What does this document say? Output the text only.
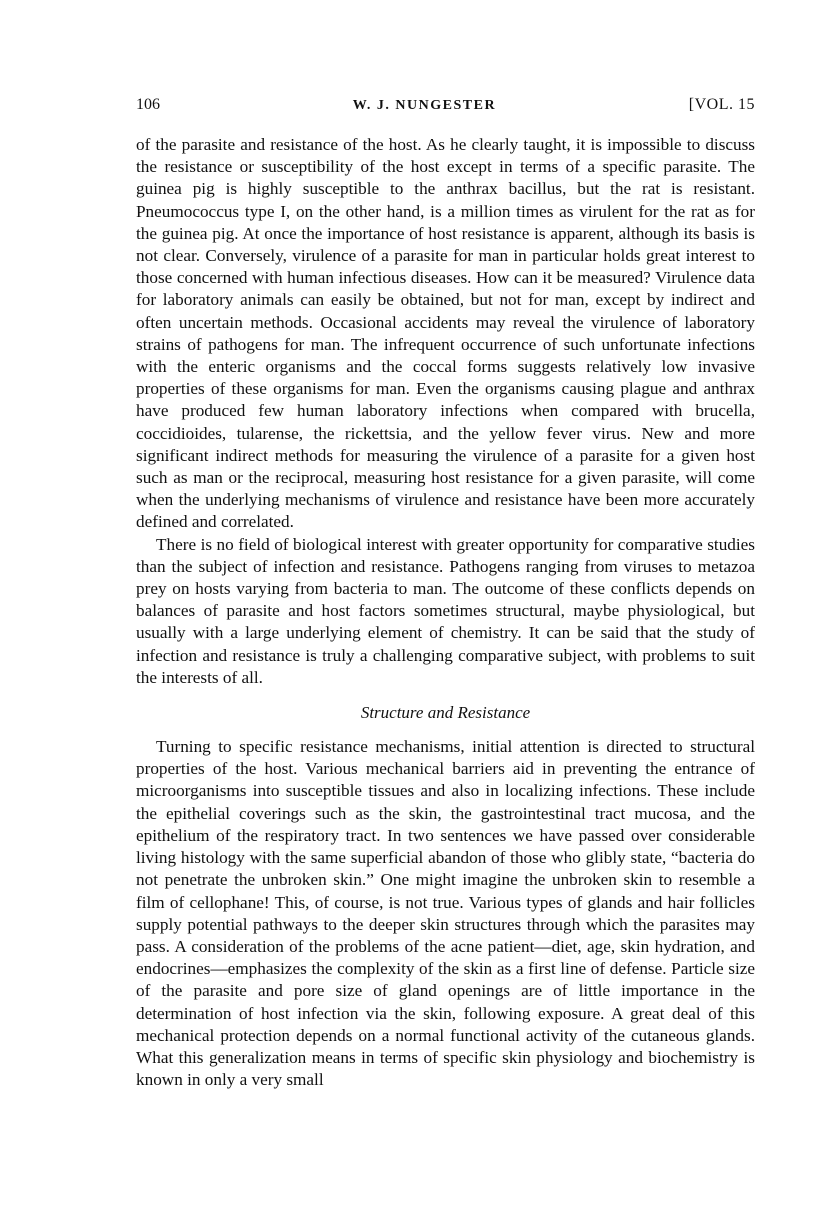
106	W. J. NUNGESTER	[VOL. 15

of the parasite and resistance of the host. As he clearly taught, it is impossible to discuss the resistance or susceptibility of the host except in terms of a specific parasite. The guinea pig is highly susceptible to the anthrax bacillus, but the rat is resistant. Pneumococcus type I, on the other hand, is a million times as virulent for the rat as for the guinea pig. At once the importance of host resistance is apparent, although its basis is not clear. Conversely, virulence of a parasite for man in particular holds great interest to those concerned with human infectious diseases. How can it be measured? Virulence data for laboratory animals can easily be obtained, but not for man, except by indirect and often uncertain methods. Occasional accidents may reveal the virulence of laboratory strains of pathogens for man. The infrequent occurrence of such unfortunate infections with the enteric organisms and the coccal forms suggests relatively low invasive properties of these organisms for man. Even the organisms causing plague and anthrax have produced few human laboratory infections when compared with brucella, coccidioides, tularense, the rickettsia, and the yellow fever virus. New and more significant indirect methods for measuring the virulence of a parasite for a given host such as man or the reciprocal, measuring host resistance for a given parasite, will come when the underlying mechanisms of virulence and resistance have been more accurately defined and correlated.

There is no field of biological interest with greater opportunity for comparative studies than the subject of infection and resistance. Pathogens ranging from viruses to metazoa prey on hosts varying from bacteria to man. The outcome of these conflicts depends on balances of parasite and host factors sometimes structural, maybe physiological, but usually with a large underlying element of chemistry. It can be said that the study of infection and resistance is truly a challenging comparative subject, with problems to suit the interests of all.

Structure and Resistance

Turning to specific resistance mechanisms, initial attention is directed to structural properties of the host. Various mechanical barriers aid in preventing the entrance of microorganisms into susceptible tissues and also in localizing infections. These include the epithelial coverings such as the skin, the gastrointestinal tract mucosa, and the epithelium of the respiratory tract. In two sentences we have passed over considerable living histology with the same superficial abandon of those who glibly state, “bacteria do not penetrate the unbroken skin.” One might imagine the unbroken skin to resemble a film of cellophane! This, of course, is not true. Various types of glands and hair follicles supply potential pathways to the deeper skin structures through which the parasites may pass. A consideration of the problems of the acne patient—diet, age, skin hydration, and endocrines—emphasizes the complexity of the skin as a first line of defense. Particle size of the parasite and pore size of gland openings are of little importance in the determination of host infection via the skin, following exposure. A great deal of this mechanical protection depends on a normal functional activity of the cutaneous glands. What this generalization means in terms of specific skin physiology and biochemistry is known in only a very small
